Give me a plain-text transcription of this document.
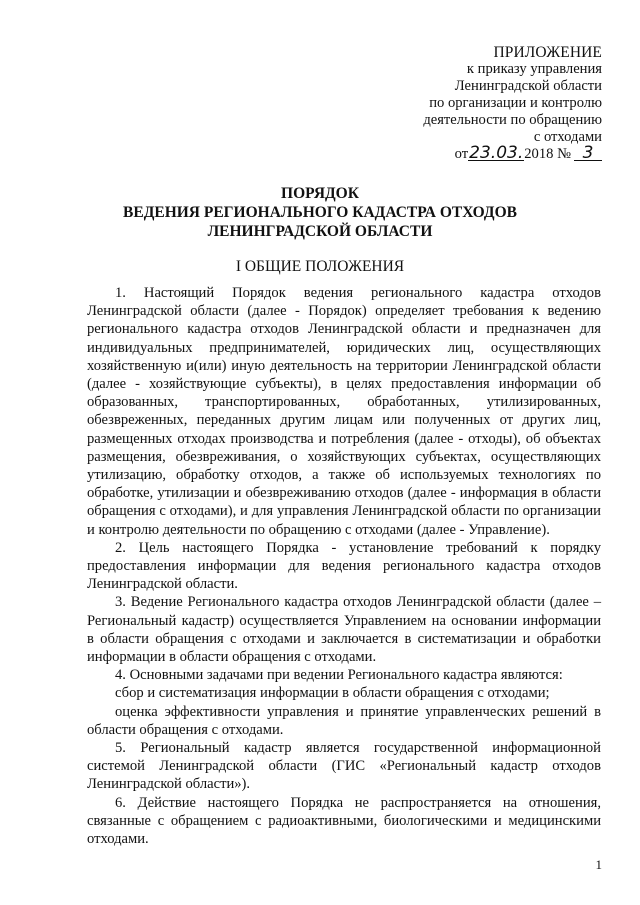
ПРИЛОЖЕНИЕ
к приказу управления
Ленинградской области
по организации и контролю
деятельности по обращению
с отходами
от23.03.2018 № 3
ПОРЯДОК
ВЕДЕНИЯ РЕГИОНАЛЬНОГО КАДАСТРА ОТХОДОВ
ЛЕНИНГРАДСКОЙ ОБЛАСТИ
I ОБЩИЕ ПОЛОЖЕНИЯ

1. Настоящий Порядок ведения регионального кадастра отходов Ленинградской области (далее - Порядок) определяет требования к ведению регионального кадастра отходов Ленинградской области и предназначен для индивидуальных предпринимателей, юридических лиц, осуществляющих хозяйственную и(или) иную деятельность на территории Ленинградской области (далее - хозяйствующие субъекты), в целях предоставления информации об образованных, транспортированных, обработанных, утилизированных, обезвреженных, переданных другим лицам или полученных от других лиц, размещенных отходах производства и потребления (далее - отходы), об объектах размещения, обезвреживания, о хозяйствующих субъектах, осуществляющих утилизацию, обработку отходов, а также об используемых технологиях по обработке, утилизации и обезвреживанию отходов (далее - информация в области обращения с отходами), и для управления Ленинградской области по организации и контролю деятельности по обращению с отходами (далее - Управление).

2. Цель настоящего Порядка - установление требований к порядку предоставления информации для ведения регионального кадастра отходов Ленинградской области.

3. Ведение Регионального кадастра отходов Ленинградской области (далее – Региональный кадастр) осуществляется Управлением на основании информации в области обращения с отходами и заключается в систематизации и обработки информации в области обращения с отходами.

4. Основными задачами при ведении Регионального кадастра являются:

сбор и систематизация информации в области обращения с отходами;

оценка эффективности управления и принятие управленческих решений в области обращения с отходами.

5. Региональный кадастр является государственной информационной системой Ленинградской области (ГИС «Региональный кадастр отходов Ленинградской области»).

6. Действие настоящего Порядка не распространяется на отношения, связанные с обращением с радиоактивными, биологическими и медицинскими отходами.

1
